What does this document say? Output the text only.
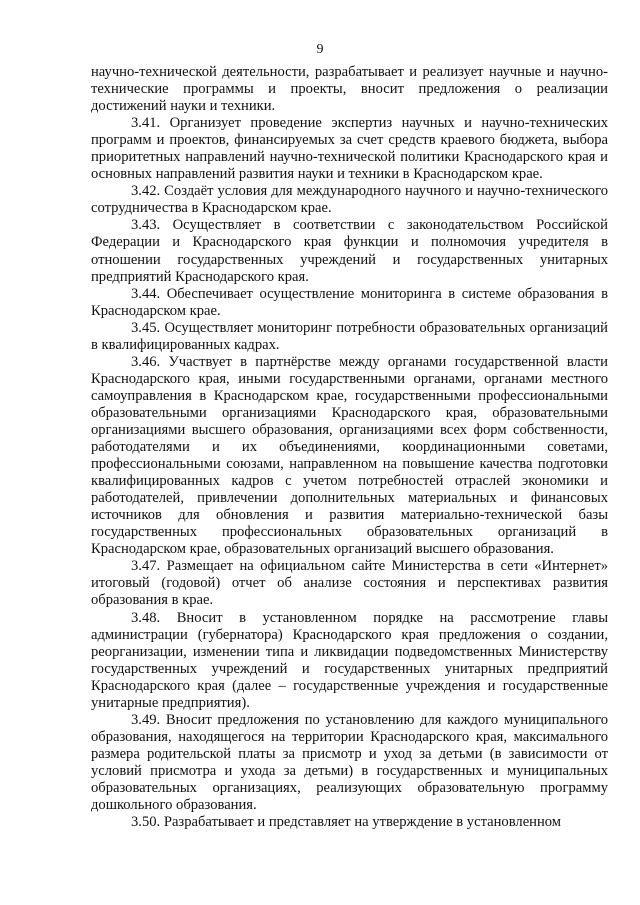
9

научно-технической деятельности, разрабатывает и реализует научные и научно-технические программы и проекты, вносит предложения о реализации достижений науки и техники.

3.41. Организует проведение экспертиз научных и научно-технических программ и проектов, финансируемых за счет средств краевого бюджета, выбора приоритетных направлений научно-технической политики Краснодарского края и основных направлений развития науки и техники в Краснодарском крае.

3.42. Создаёт условия для международного научного и научно-технического сотрудничества в Краснодарском крае.

3.43. Осуществляет в соответствии с законодательством Российской Федерации и Краснодарского края функции и полномочия учредителя в отношении государственных учреждений и государственных унитарных предприятий Краснодарского края.

3.44. Обеспечивает осуществление мониторинга в системе образования в Краснодарском крае.

3.45. Осуществляет мониторинг потребности образовательных организаций в квалифицированных кадрах.

3.46. Участвует в партнёрстве между органами государственной власти Краснодарского края, иными государственными органами, органами местного самоуправления в Краснодарском крае, государственными профессиональными образовательными организациями Краснодарского края, образовательными организациями высшего образования, организациями всех форм собственности, работодателями и их объединениями, координационными советами, профессиональными союзами, направленном на повышение качества подготовки квалифицированных кадров с учетом потребностей отраслей экономики и работодателей, привлечении дополнительных материальных и финансовых источников для обновления и развития материально-технической базы государственных профессиональных образовательных организаций в Краснодарском крае, образовательных организаций высшего образования.

3.47. Размещает на официальном сайте Министерства в сети «Интернет» итоговый (годовой) отчет об анализе состояния и перспективах развития образования в крае.

3.48. Вносит в установленном порядке на рассмотрение главы администрации (губернатора) Краснодарского края предложения о создании, реорганизации, изменении типа и ликвидации подведомственных Министерству государственных учреждений и государственных унитарных предприятий Краснодарского края (далее – государственные учреждения и государственные унитарные предприятия).

3.49. Вносит предложения по установлению для каждого муниципального образования, находящегося на территории Краснодарского края, максимального размера родительской платы за присмотр и уход за детьми (в зависимости от условий присмотра и ухода за детьми) в государственных и муниципальных образовательных организациях, реализующих образовательную программу дошкольного образования.

3.50. Разрабатывает и представляет на утверждение в установленном
